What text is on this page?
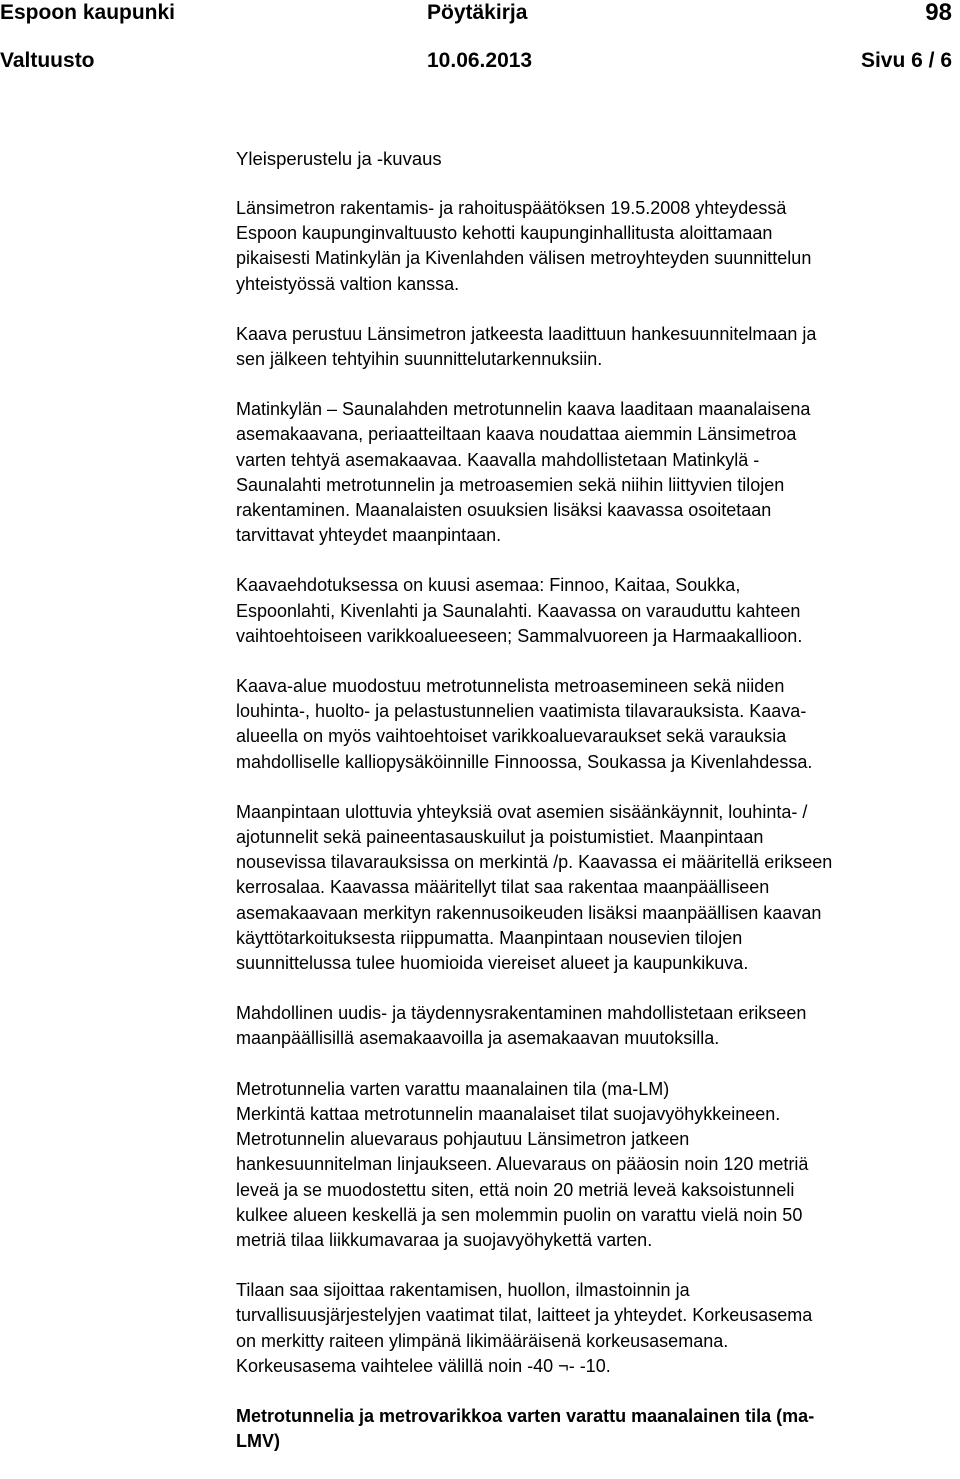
Espoon kaupunki	Pöytäkirja	98
Valtuusto	10.06.2013	Sivu 6 / 6
Yleisperustelu ja -kuvaus
Länsimetron rakentamis- ja rahoituspäätöksen 19.5.2008 yhteydessä
Espoon kaupunginvaltuusto kehotti kaupunginhallitusta aloittamaan
pikaisesti Matinkylän ja Kivenlahden välisen metroyhteyden suunnittelun
yhteistyössä valtion kanssa.
Kaava perustuu Länsimetron jatkeesta laadittuun hankesuunnitelmaan ja
sen jälkeen tehtyihin suunnittelutarkennuksiin.
Matinkylän – Saunalahden metrotunnelin kaava laaditaan maanalaisena
asemakaavana, periaatteiltaan kaava noudattaa aiemmin Länsimetroa
varten tehtyä asemakaavaa. Kaavalla mahdollistetaan Matinkylä -
Saunalahti metrotunnelin ja metroasemien sekä niihin liittyvien tilojen
rakentaminen. Maanalaisten osuuksien lisäksi kaavassa osoitetaan
tarvittavat yhteydet maanpintaan.
Kaavaehdotuksessa on kuusi asemaa: Finnoo, Kaitaa, Soukka,
Espoonlahti, Kivenlahti ja Saunalahti. Kaavassa on varauduttu kahteen
vaihtoehtoiseen varikkoalueeseen; Sammalvuoreen ja Harmaakallioon.
Kaava-alue muodostuu metrotunnelista metroasemineen sekä niiden
louhinta-, huolto- ja pelastustunnelien vaatimista tilavarauksista. Kaava-
alueella on myös vaihtoehtoiset varikkoaluevaraukset sekä varauksia
mahdolliselle kalliopysäköinnille Finnoossa, Soukassa ja Kivenlahdessa.
Maanpintaan ulottuvia yhteyksiä ovat asemien sisäänkäynnit, louhinta- /
ajotunnelit sekä paineentasauskuilut ja poistumistiet. Maanpintaan
nousevissa tilavarauksissa on merkintä /p. Kaavassa ei määritellä erikseen
kerrosalaa. Kaavassa määritellyt tilat saa rakentaa maanpäälliseen
asemakaavaan merkityn rakennusoikeuden lisäksi maanpäällisen kaavan
käyttötarkoituksesta riippumatta. Maanpintaan nousevien tilojen
suunnittelussa tulee huomioida viereiset alueet ja kaupunkikuva.
Mahdollinen uudis- ja täydennysrakentaminen mahdollistetaan erikseen
maanpäällisillä asemakaavoilla ja asemakaavan muutoksilla.
Metrotunnelia varten varattu maanalainen tila (ma-LM)
Merkintä kattaa metrotunnelin maanalaiset tilat suojavyöhykkeineen.
Metrotunnelin aluevaraus pohjautuu Länsimetron jatkeen
hankesuunnitelman linjaukseen. Aluevaraus on pääosin noin 120 metriä
leveä ja se muodostettu siten, että noin 20 metriä leveä kaksoistunneli
kulkee alueen keskellä ja sen molemmin puolin on varattu vielä noin 50
metriä tilaa liikkumavaraa ja suojavyöhykettä varten.
Tilaan saa sijoittaa rakentamisen, huollon, ilmastoinnin ja
turvallisuusjärjestelyjen vaatimat tilat, laitteet ja yhteydet. Korkeusasema
on merkitty raiteen ylimpänä likimääräisenä korkeusasemana.
Korkeusasema vaihtelee välillä noin -40 ¬- -10.
Metrotunnelia ja metrovarikkoa varten varattu maanalainen tila (ma-
LMV)
